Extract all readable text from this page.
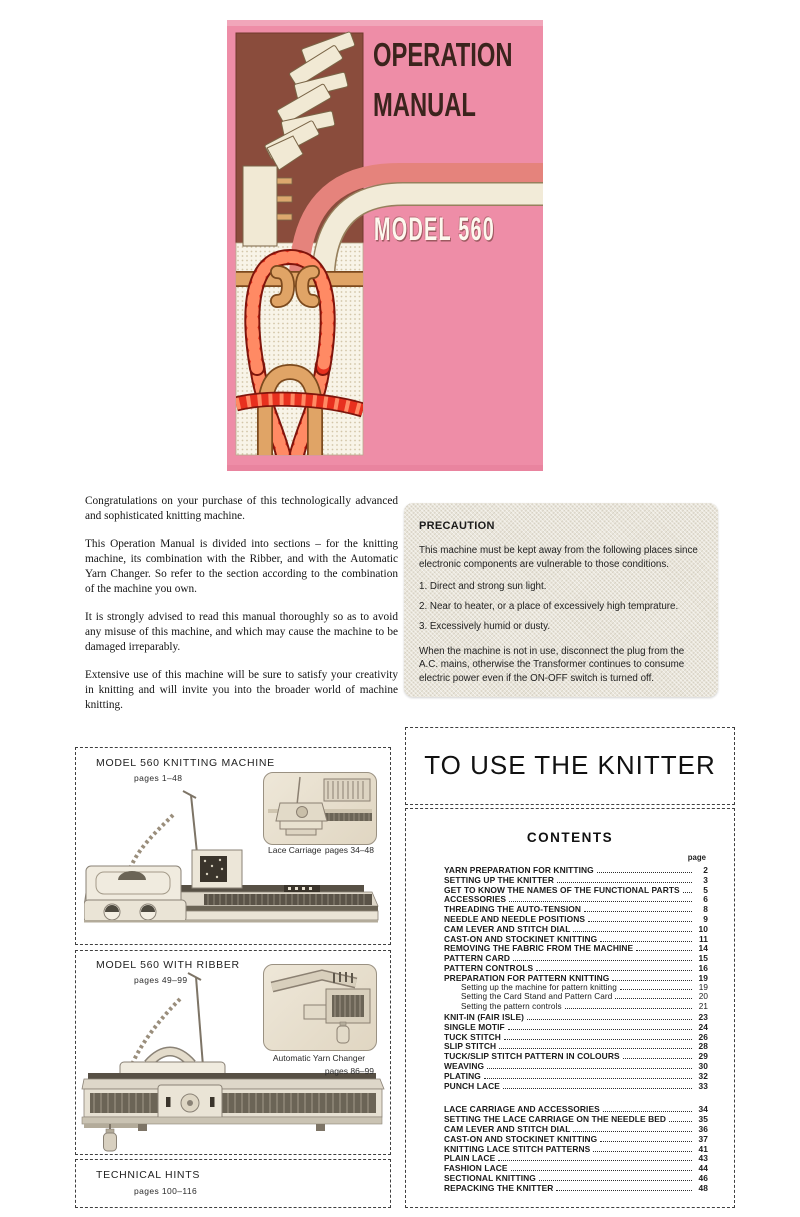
OPERATION
MANUAL
MODEL 560

Congratulations on your purchase of this technologically advanced and sophisticated knitting machine.

This Operation Manual is divided into sections – for the knitting machine, its combination with the Ribber, and with the Automatic Yarn Changer. So refer to the section according to the combination of the machine you own.

It is strongly advised to read this manual thoroughly so as to avoid any misuse of this machine, and which may cause the machine to be damaged irreparably.

Extensive use of this machine will be sure to satisfy your creativity in knitting and will invite you into the broader world of machine knitting.

PRECAUTION
This machine must be kept away from the following places since electronic components are vulnerable to those conditions.
1. Direct and strong sun light.
2. Near to heater, or a place of excessively high temprature.
3. Excessively humid or dusty.
When the machine is not in use, disconnect the plug from the A.C. mains, otherwise the Transformer continues to consume electric power even if the ON-OFF switch is turned off.
MODEL 560 KNITTING MACHINE
pages 1–48
Lace Carriage pages 34–48
MODEL 560 WITH RIBBER
pages 49–99
Automatic Yarn Changer
pages 86–99
TECHNICAL HINTS
pages 100–116
TO USE THE KNITTER
CONTENTS
page
YARN PREPARATION FOR KNITTING	2
SETTING UP THE KNITTER	3
GET TO KNOW THE NAMES OF THE FUNCTIONAL PARTS	5
ACCESSORIES	6
THREADING THE AUTO-TENSION	8
NEEDLE AND NEEDLE POSITIONS	9
CAM LEVER AND STITCH DIAL	10
CAST-ON AND STOCKINET KNITTING	11
REMOVING THE FABRIC FROM THE MACHINE	14
PATTERN CARD	15
PATTERN CONTROLS	16
PREPARATION FOR PATTERN KNITTING	19
Setting up the machine for pattern knitting	19
Setting the Card Stand and Pattern Card	20
Setting the pattern controls	21
KNIT-IN (FAIR ISLE)	23
SINGLE MOTIF	24
TUCK STITCH	26
SLIP STITCH	28
TUCK/SLIP STITCH PATTERN IN COLOURS	29
WEAVING	30
PLATING	32
PUNCH LACE	33
LACE CARRIAGE AND ACCESSORIES	34
SETTING THE LACE CARRIAGE ON THE NEEDLE BED	35
CAM LEVER AND STITCH DIAL	36
CAST-ON AND STOCKINET KNITTING	37
KNITTING LACE STITCH PATTERNS	41
PLAIN LACE	43
FASHION LACE	44
SECTIONAL KNITTING	46
REPACKING THE KNITTER	48
